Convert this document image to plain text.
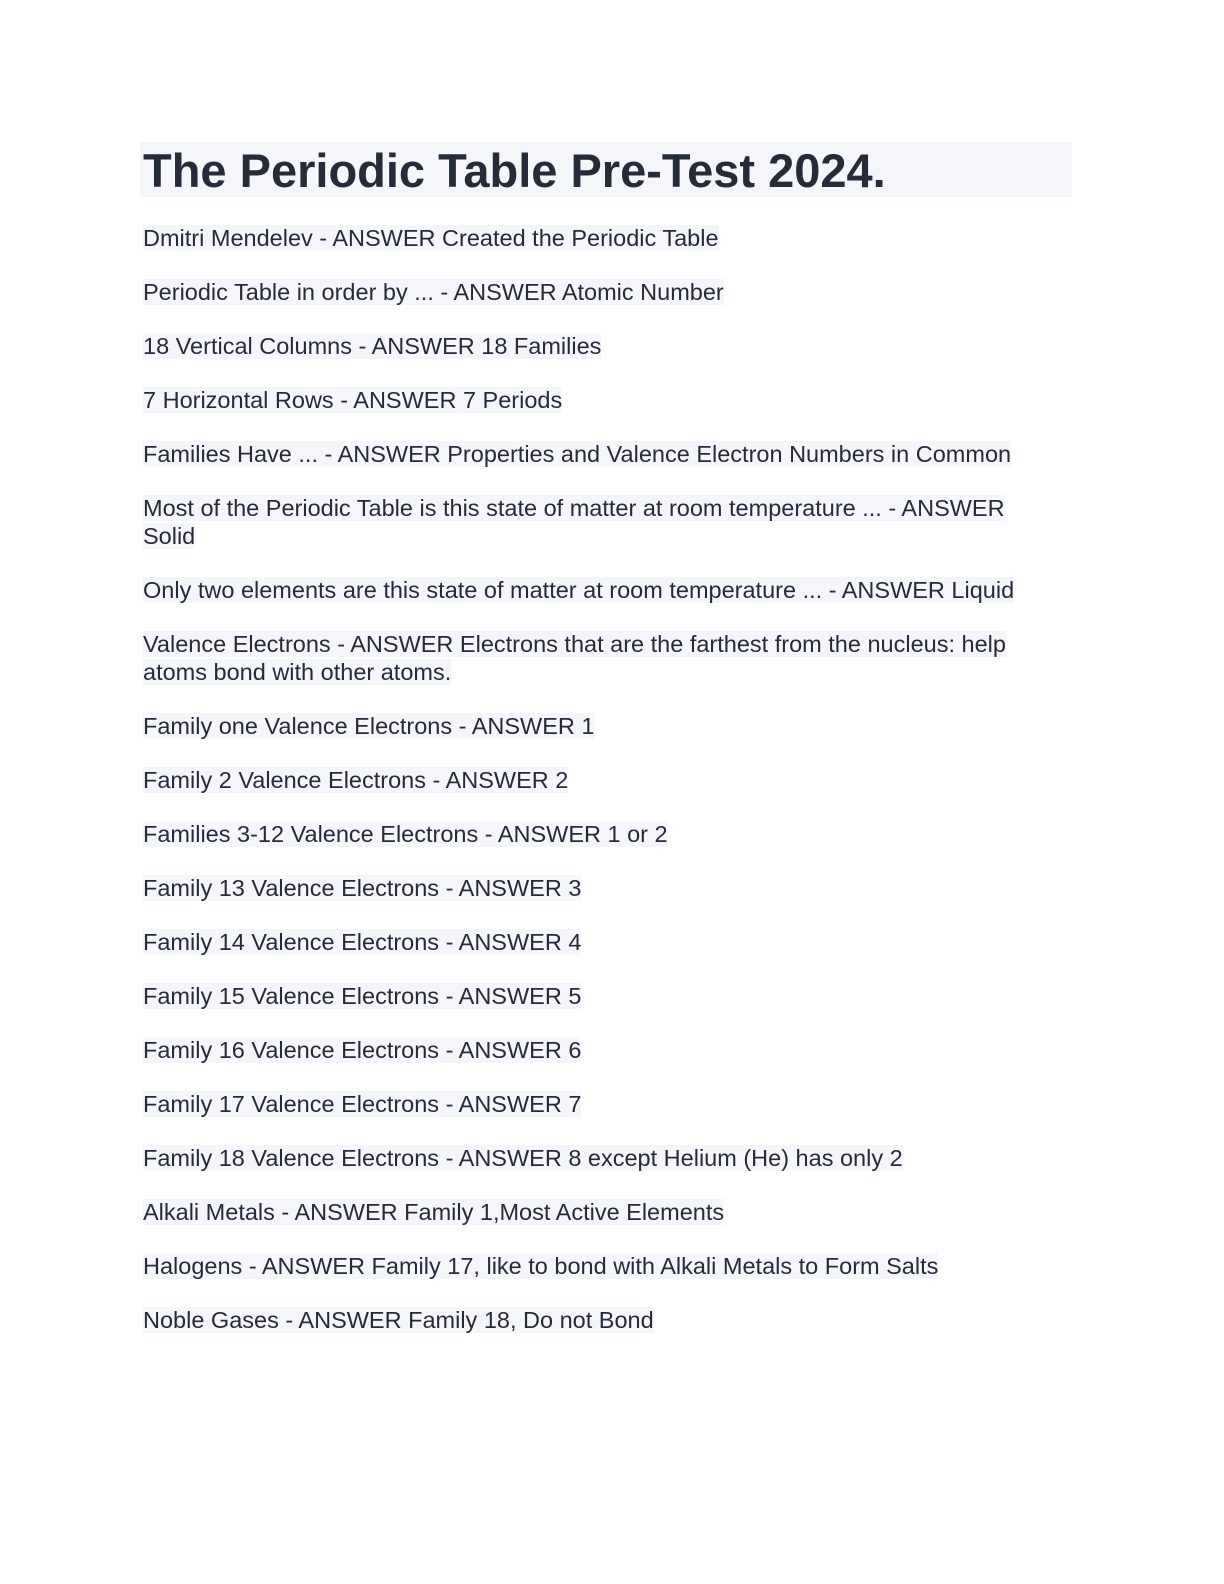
The Periodic Table Pre-Test 2024.
Dmitri Mendelev - ANSWER Created the Periodic Table
Periodic Table in order by ... - ANSWER Atomic Number
18 Vertical Columns - ANSWER 18 Families
7 Horizontal Rows - ANSWER 7 Periods
Families Have ... - ANSWER Properties and Valence Electron Numbers in Common
Most of the Periodic Table is this state of matter at room temperature ... - ANSWER Solid
Only two elements are this state of matter at room temperature ... - ANSWER Liquid
Valence Electrons - ANSWER Electrons that are the farthest from the nucleus: help atoms bond with other atoms.
Family one Valence Electrons - ANSWER 1
Family 2 Valence Electrons - ANSWER 2
Families 3-12 Valence Electrons - ANSWER 1 or 2
Family 13 Valence Electrons - ANSWER 3
Family 14 Valence Electrons - ANSWER 4
Family 15 Valence Electrons - ANSWER 5
Family 16 Valence Electrons - ANSWER 6
Family 17 Valence Electrons - ANSWER 7
Family 18 Valence Electrons - ANSWER 8 except Helium (He) has only 2
Alkali Metals - ANSWER Family 1,Most Active Elements
Halogens - ANSWER Family 17, like to bond with Alkali Metals to Form Salts
Noble Gases - ANSWER Family 18, Do not Bond
